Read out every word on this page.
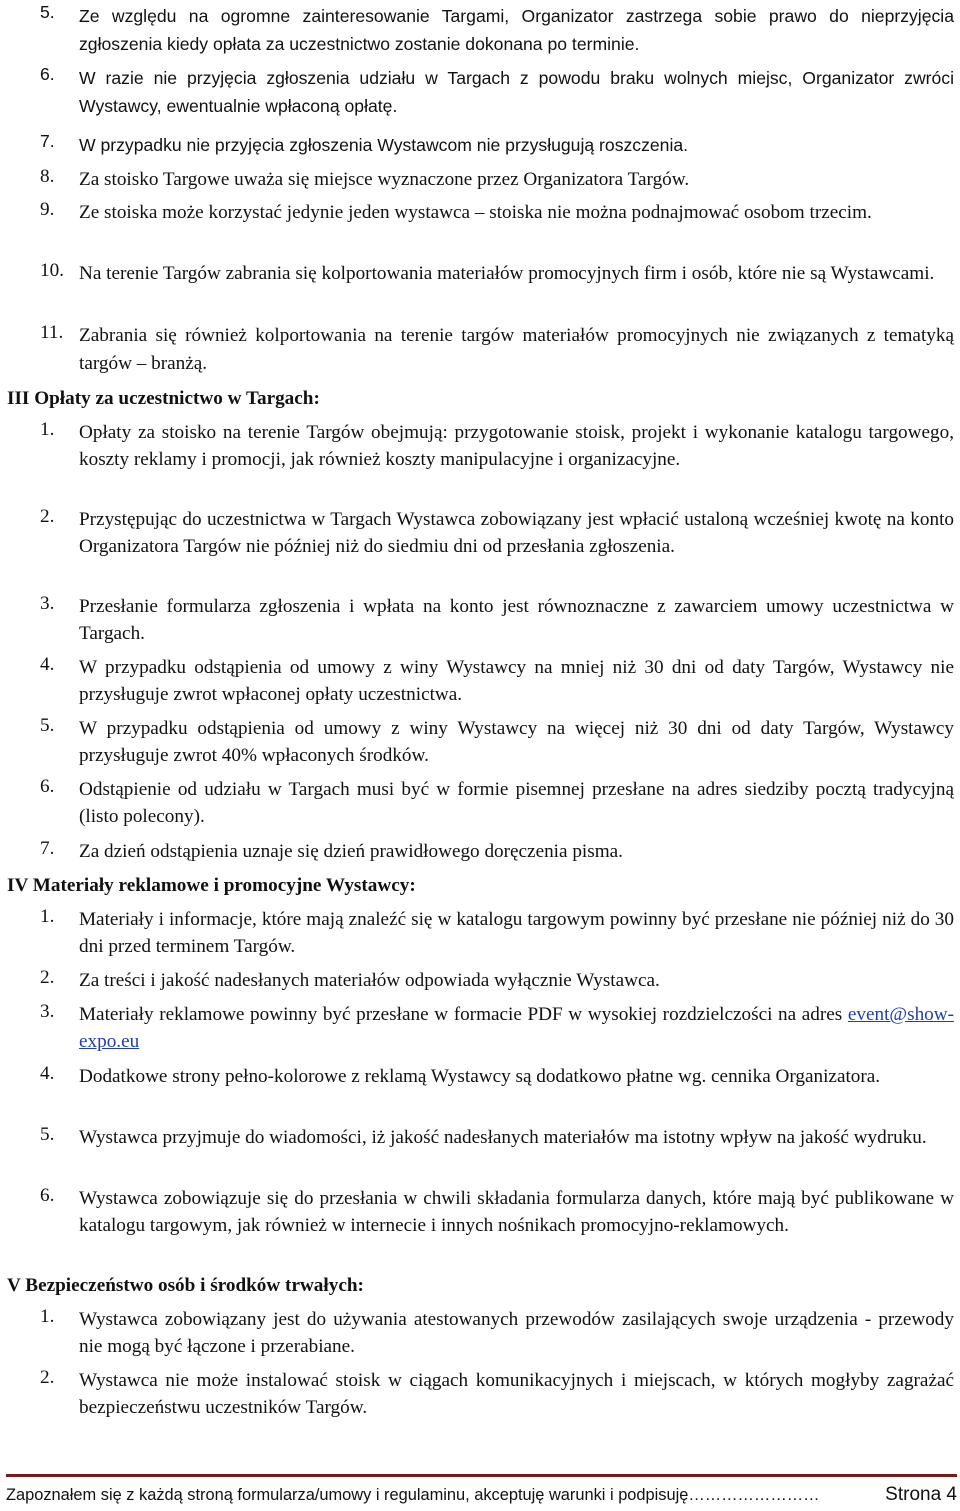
5. Ze względu na ogromne zainteresowanie Targami, Organizator zastrzega sobie prawo do nieprzyjęcia zgłoszenia kiedy opłata za uczestnictwo zostanie dokonana po terminie.
6. W razie nie przyjęcia zgłoszenia udziału w Targach z powodu braku wolnych miejsc, Organizator zwróci Wystawcy, ewentualnie wpłaconą opłatę.
7. W przypadku nie przyjęcia zgłoszenia Wystawcom nie przysługują roszczenia.
8. Za stoisko Targowe uważa się miejsce wyznaczone przez Organizatora Targów.
9. Ze stoiska może korzystać jedynie jeden wystawca – stoiska nie można podnajmować osobom trzecim.
10. Na terenie Targów zabrania się kolportowania materiałów promocyjnych firm i osób, które nie są Wystawcami.
11. Zabrania się również kolportowania na terenie targów materiałów promocyjnych nie związanych z tematyką targów – branżą.
III Opłaty za uczestnictwo w Targach:
1. Opłaty za stoisko na terenie Targów obejmują: przygotowanie stoisk, projekt i wykonanie katalogu targowego, koszty reklamy i promocji, jak również koszty manipulacyjne i organizacyjne.
2. Przystępując do uczestnictwa w Targach Wystawca zobowiązany jest wpłacić ustaloną wcześniej kwotę na konto Organizatora Targów nie później niż do siedmiu dni od przesłania zgłoszenia.
3. Przesłanie formularza zgłoszenia i wpłata na konto jest równoznaczne z zawarciem umowy uczestnictwa w Targach.
4. W przypadku odstąpienia od umowy z winy Wystawcy na mniej niż 30 dni od daty Targów, Wystawcy nie przysługuje zwrot wpłaconej opłaty uczestnictwa.
5. W przypadku odstąpienia od umowy z winy Wystawcy na więcej niż 30 dni od daty Targów, Wystawcy przysługuje zwrot 40% wpłaconych środków.
6. Odstąpienie od udziału w Targach musi być w formie pisemnej przesłane na adres siedziby pocztą tradycyjną (listo polecony).
7. Za dzień odstąpienia uznaje się dzień prawidłowego doręczenia pisma.
IV Materiały reklamowe i promocyjne Wystawcy:
1. Materiały i informacje, które mają znaleźć się w katalogu targowym powinny być przesłane nie później niż do 30 dni przed terminem Targów.
2. Za treści i jakość nadesłanych materiałów odpowiada wyłącznie Wystawca.
3. Materiały reklamowe powinny być przesłane w formacie PDF w wysokiej rozdzielczości na adres event@show-expo.eu
4. Dodatkowe strony pełno-kolorowe z reklamą Wystawcy są dodatkowo płatne wg. cennika Organizatora.
5. Wystawca przyjmuje do wiadomości, iż jakość nadesłanych materiałów ma istotny wpływ na jakość wydruku.
6. Wystawca zobowiązuje się do przesłania w chwili składania formularza danych, które mają być publikowane w katalogu targowym, jak również w internecie i innych nośnikach promocyjno-reklamowych.
V Bezpieczeństwo osób i środków trwałych:
1. Wystawca zobowiązany jest do używania atestowanych przewodów zasilających swoje urządzenia - przewody nie mogą być łączone i przerabiane.
2. Wystawca nie może instalować stoisk w ciągach komunikacyjnych i miejscach, w których mogłyby zagrażać bezpieczeństwu uczestników Targów.
Zapoznałem się z każdą stroną formularza/umowy i regulaminu, akceptuję warunki i podpisuję……………………	Strona 4
